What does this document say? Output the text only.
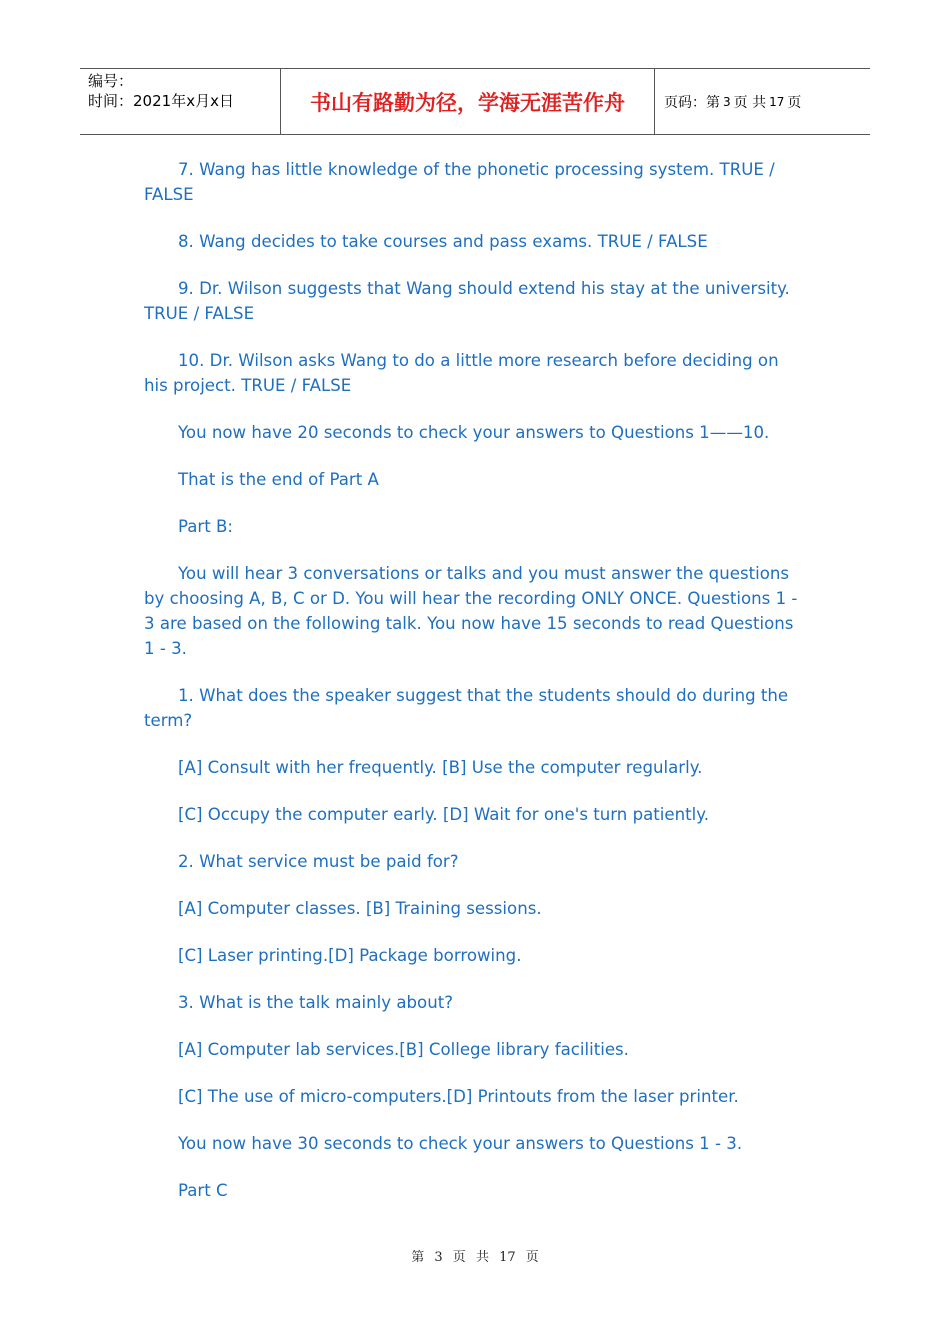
编号：
时间：2021年x月x日	书山有路勤为径，学海无涯苦作舟	页码：第 3 页 共 17 页

7. Wang has little knowledge of the phonetic processing system. TRUE / FALSE

8. Wang decides to take courses and pass exams. TRUE / FALSE

9. Dr. Wilson suggests that Wang should extend his stay at the university. TRUE / FALSE

10. Dr. Wilson asks Wang to do a little more research before deciding on his project. TRUE / FALSE

You now have 20 seconds to check your answers to Questions 1——10.

That is the end of Part A

Part B:

You will hear 3 conversations or talks and you must answer the questions by choosing A, B, C or D. You will hear the recording ONLY ONCE. Questions 1 - 3 are based on the following talk. You now have 15 seconds to read Questions 1 - 3.

1. What does the speaker suggest that the students should do during the term?

[A] Consult with her frequently. [B] Use the computer regularly.

[C] Occupy the computer early. [D] Wait for one's turn patiently.

2. What service must be paid for?

[A] Computer classes. [B] Training sessions.

[C] Laser printing.[D] Package borrowing.

3. What is the talk mainly about?

[A] Computer lab services.[B] College library facilities.

[C] The use of micro-computers.[D] Printouts from the laser printer.

You now have 30 seconds to check your answers to Questions 1 - 3.

Part C

第 3 页 共 17 页
